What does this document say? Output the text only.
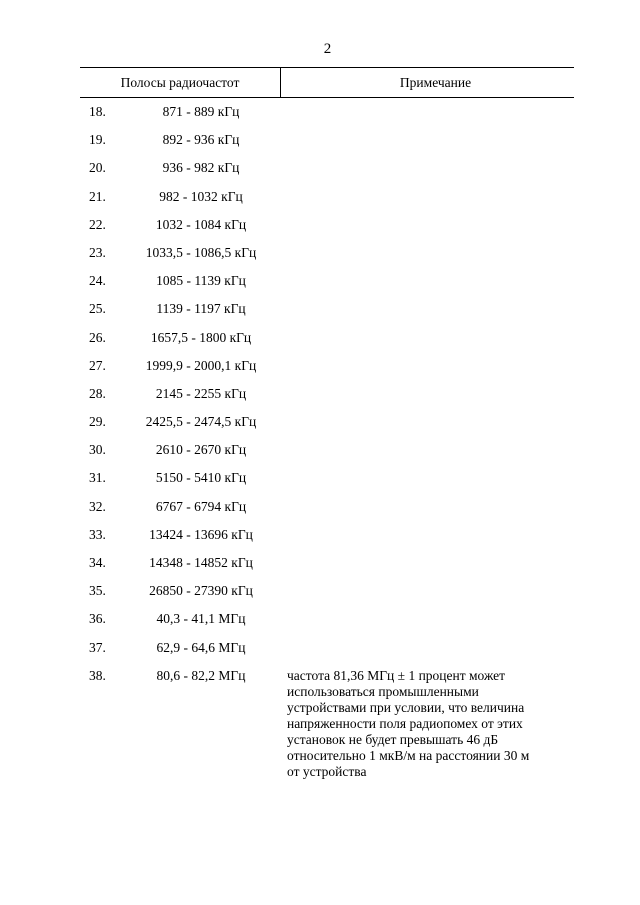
2
Полосы радиочастот	Примечание
18.	871 - 889 кГц
19.	892 - 936 кГц
20.	936 - 982 кГц
21.	982 - 1032 кГц
22.	1032 - 1084 кГц
23.	1033,5 - 1086,5 кГц
24.	1085 - 1139 кГц
25.	1139 - 1197 кГц
26.	1657,5 - 1800 кГц
27.	1999,9 - 2000,1 кГц
28.	2145 - 2255 кГц
29.	2425,5 - 2474,5 кГц
30.	2610 - 2670 кГц
31.	5150 - 5410 кГц
32.	6767 - 6794 кГц
33.	13424 - 13696 кГц
34.	14348 - 14852 кГц
35.	26850 - 27390 кГц
36.	40,3 - 41,1 МГц
37.	62,9 - 64,6 МГц
38.	80,6 - 82,2 МГц	частота 81,36 МГц ± 1 процент может
использоваться промышленными
устройствами при условии, что величина
напряженности поля радиопомех от этих
установок не будет превышать 46 дБ
относительно 1 мкВ/м на расстоянии 30 м
от устройства
